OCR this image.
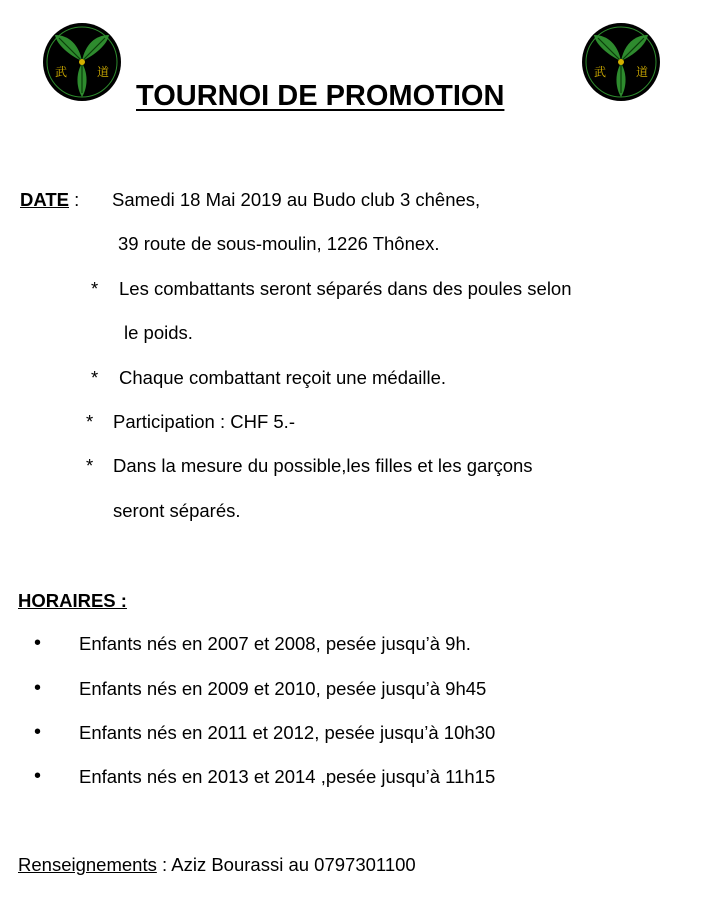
武 道	武 道
TOURNOI DE PROMOTION
DATE : Samedi 18 Mai 2019 au Budo club 3 chênes,
39 route de sous-moulin, 1226 Thônex.
* Les combattants seront séparés dans des poules selon
le poids.
* Chaque combattant reçoit une médaille.
* Participation : CHF 5.-
* Dans la mesure du possible,les filles et les garçons
seront séparés.
HORAIRES :
• Enfants nés en 2007 et 2008, pesée jusqu’à 9h.
• Enfants nés en 2009 et 2010, pesée jusqu’à 9h45
• Enfants nés en 2011 et 2012, pesée jusqu’à 10h30
• Enfants nés en 2013 et 2014 ,pesée jusqu’à 11h15
Renseignements : Aziz Bourassi au 0797301100
